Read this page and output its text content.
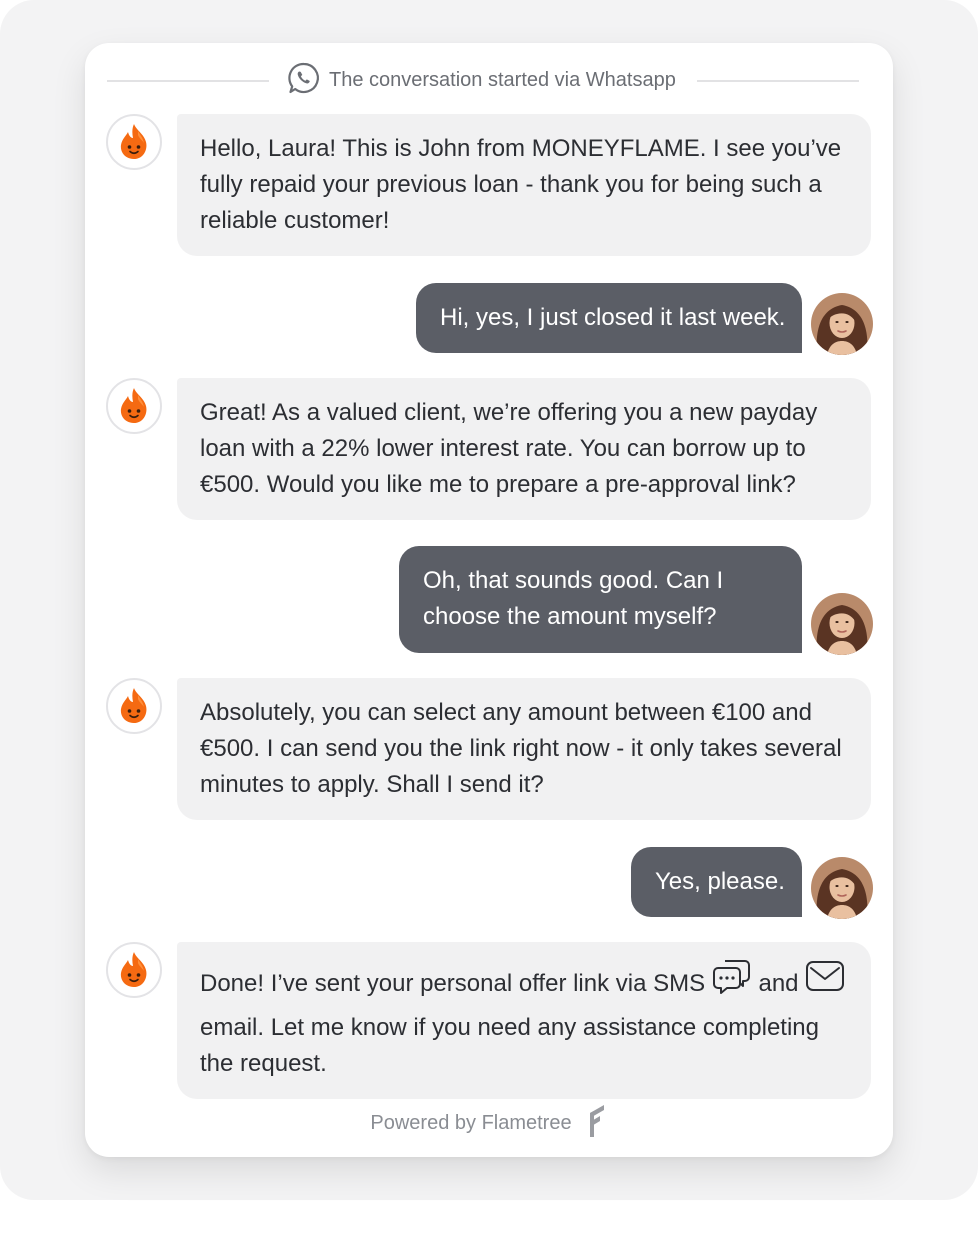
The conversation started via Whatsapp
Hello, Laura! This is John from MONEYFLAME. I see you’ve fully repaid your previous loan - thank you for being such a reliable customer!
Hi, yes, I just closed it last week.
Great! As a valued client, we’re offering you a new payday loan with a 22% lower interest rate. You can borrow up to €500. Would you like me to prepare a pre-approval link?
Oh, that sounds good. Can I
choose the amount myself?
Absolutely, you can select any amount between €100 and €500. I can send you the link right now - it only takes several minutes to apply. Shall I send it?
Yes, please.
Done! I’ve sent your personal offer link via SMS and  email. Let me know if you need any assistance completing the request.
Powered by Flametree
